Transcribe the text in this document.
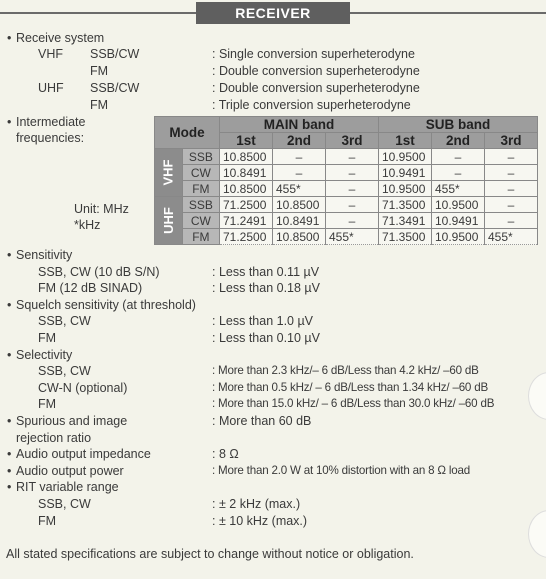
RECEIVER
• Receive system
VHF SSB/CW	: Single conversion superheterodyne
FM	: Double conversion superheterodyne
UHF SSB/CW	: Double conversion superheterodyne
FM	: Triple conversion superheterodyne
• Intermediate
frequencies:
Unit: MHz
*kHz
Mode		MAIN band			SUB band		
		1st	2nd	3rd	1st	2nd	3rd
VHF	SSB	10.8500	–	–	10.9500	–	–
	CW	10.8491	–	–	10.9491	–	–
	FM	10.8500	455*	–	10.9500	455*	–
UHF	SSB	71.2500	10.8500	–	71.3500	10.9500	–
	CW	71.2491	10.8491	–	71.3491	10.9491	–
	FM	71.2500	10.8500	455*	71.3500	10.9500	455*
• Sensitivity
SSB, CW (10 dB S/N)	: Less than 0.11 µV
FM (12 dB SINAD)	: Less than 0.18 µV
• Squelch sensitivity (at threshold)
SSB, CW	: Less than 1.0 µV
FM	: Less than 0.10 µV
• Selectivity
SSB, CW	: More than 2.3 kHz/– 6 dB/Less than 4.2 kHz/ –60 dB
CW-N (optional)	: More than 0.5 kHz/ – 6 dB/Less than 1.34 kHz/ –60 dB
FM	: More than 15.0 kHz/ – 6 dB/Less than 30.0 kHz/ –60 dB
• Spurious and image	: More than 60 dB
rejection ratio
• Audio output impedance	: 8 Ω
• Audio output power	: More than 2.0 W at 10% distortion with an 8 Ω load
• RIT variable range
SSB, CW	: ± 2 kHz (max.)
FM	: ± 10 kHz (max.)
All stated specifications are subject to change without notice or obligation.
